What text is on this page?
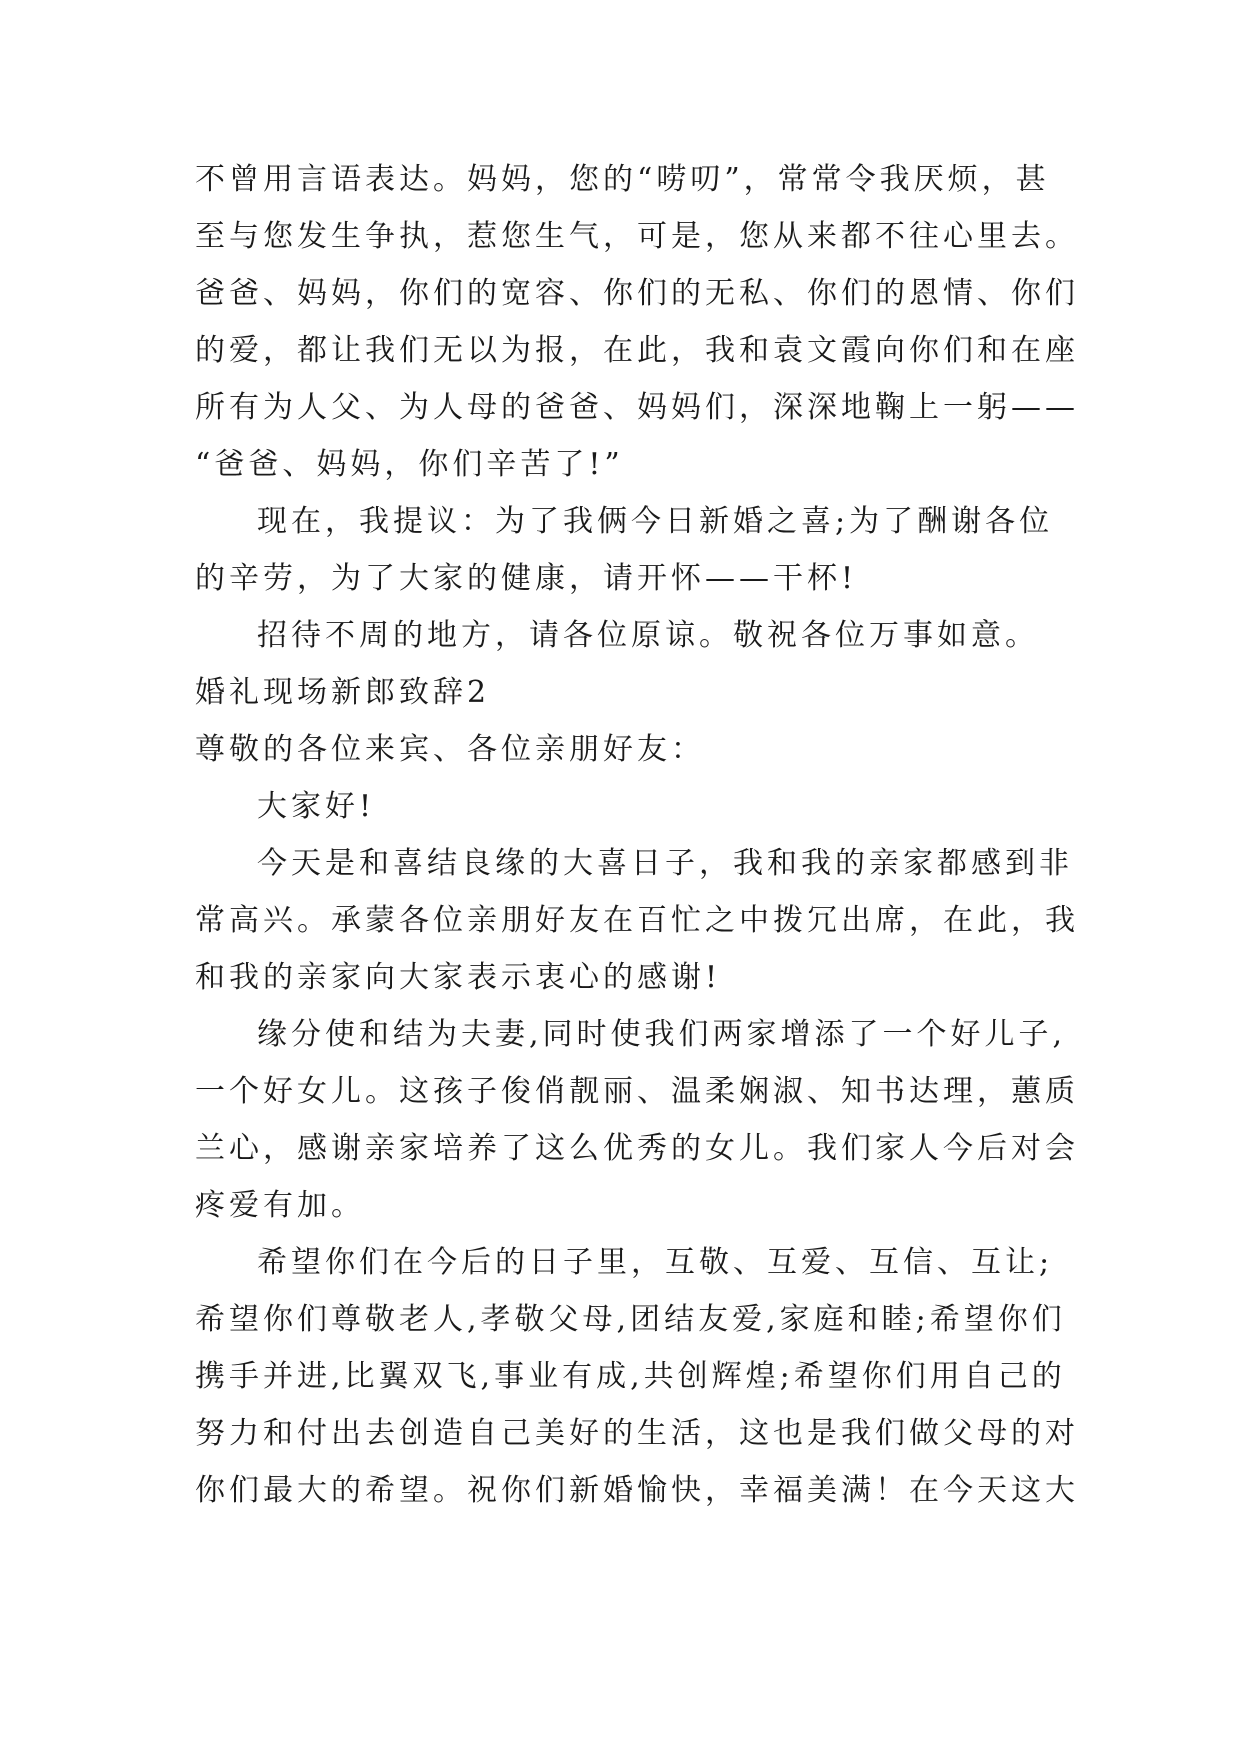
不曾用言语表达。妈妈，您的“唠叨”，常常令我厌烦，甚
至与您发生争执，惹您生气，可是，您从来都不往心里去。
爸爸、妈妈，你们的宽容、你们的无私、你们的恩情、你们
的爱，都让我们无以为报，在此，我和袁文霞向你们和在座
所有为人父、为人母的爸爸、妈妈们，深深地鞠上一躬——
“爸爸、妈妈，你们辛苦了!”
现在，我提议：为了我俩今日新婚之喜;为了酬谢各位
的辛劳，为了大家的健康，请开怀——干杯!
招待不周的地方，请各位原谅。敬祝各位万事如意。
婚礼现场新郎致辞2
尊敬的各位来宾、各位亲朋好友：
大家好!
今天是和喜结良缘的大喜日子，我和我的亲家都感到非
常高兴。承蒙各位亲朋好友在百忙之中拨冗出席，在此，我
和我的亲家向大家表示衷心的感谢!
缘分使和结为夫妻,同时使我们两家增添了一个好儿子,
一个好女儿。这孩子俊俏靓丽、温柔娴淑、知书达理，蕙质
兰心，感谢亲家培养了这么优秀的女儿。我们家人今后对会
疼爱有加。
希望你们在今后的日子里，互敬、互爱、互信、互让;
希望你们尊敬老人,孝敬父母,团结友爱,家庭和睦;希望你们
携手并进,比翼双飞,事业有成,共创辉煌;希望你们用自己的
努力和付出去创造自己美好的生活，这也是我们做父母的对
你们最大的希望。祝你们新婚愉快，幸福美满！在今天这大
